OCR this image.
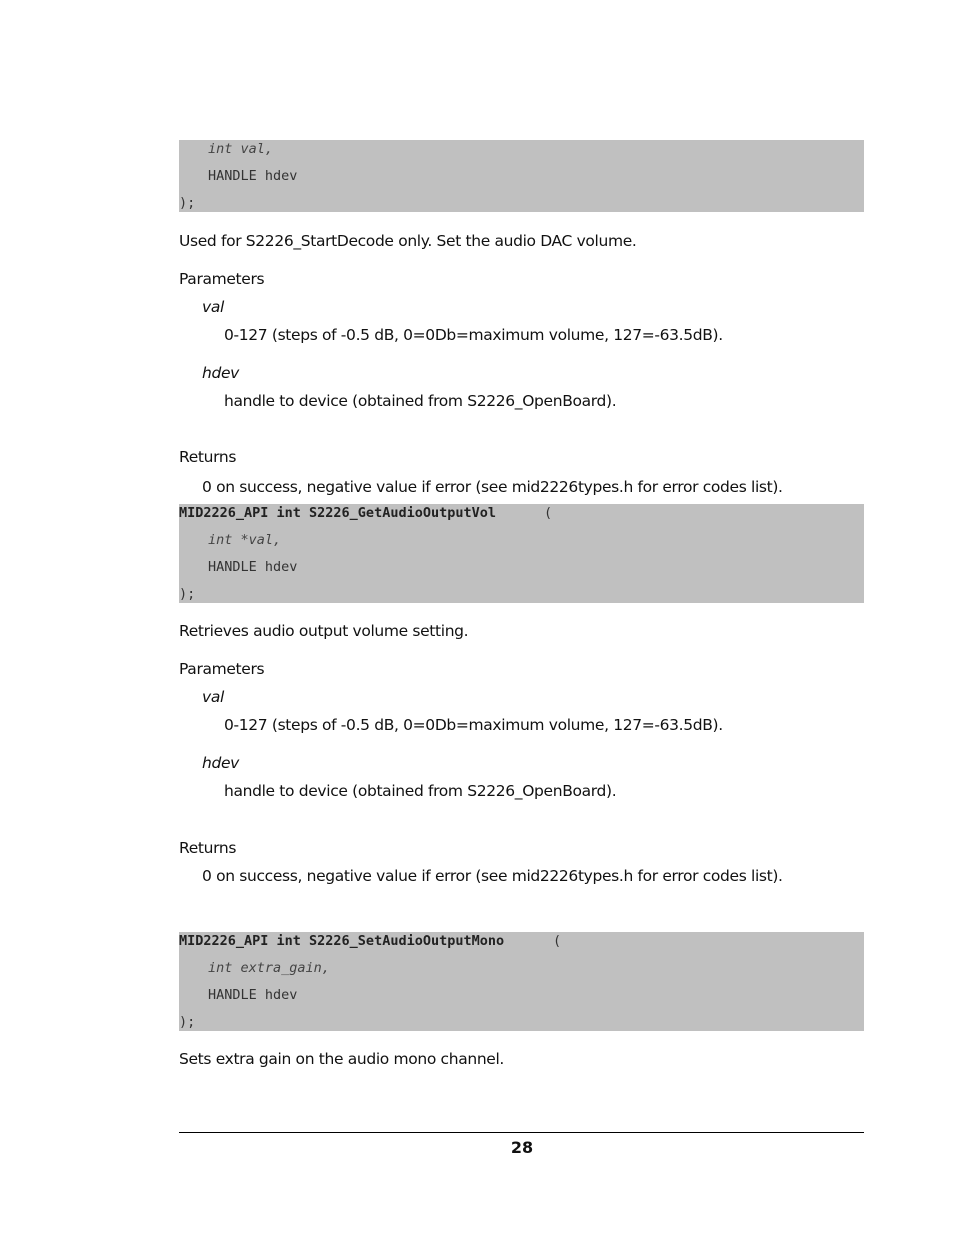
int val,
HANDLE hdev
);
Used for S2226_StartDecode only. Set the audio DAC volume.
Parameters
val
0-127 (steps of -0.5 dB, 0=0Db=maximum volume, 127=-63.5dB).
hdev
handle to device (obtained from S2226_OpenBoard).
Returns
0 on success, negative value if error (see mid2226types.h for error codes list).
MID2226_API int S2226_GetAudioOutputVol	(
int *val,
HANDLE hdev
);
Retrieves audio output volume setting.
Parameters
val
0-127 (steps of -0.5 dB, 0=0Db=maximum volume, 127=-63.5dB).
hdev
handle to device (obtained from S2226_OpenBoard).
Returns
0 on success, negative value if error (see mid2226types.h for error codes list).
MID2226_API int S2226_SetAudioOutputMono	(
int extra_gain,
HANDLE hdev
);
Sets extra gain on the audio mono channel.
28
